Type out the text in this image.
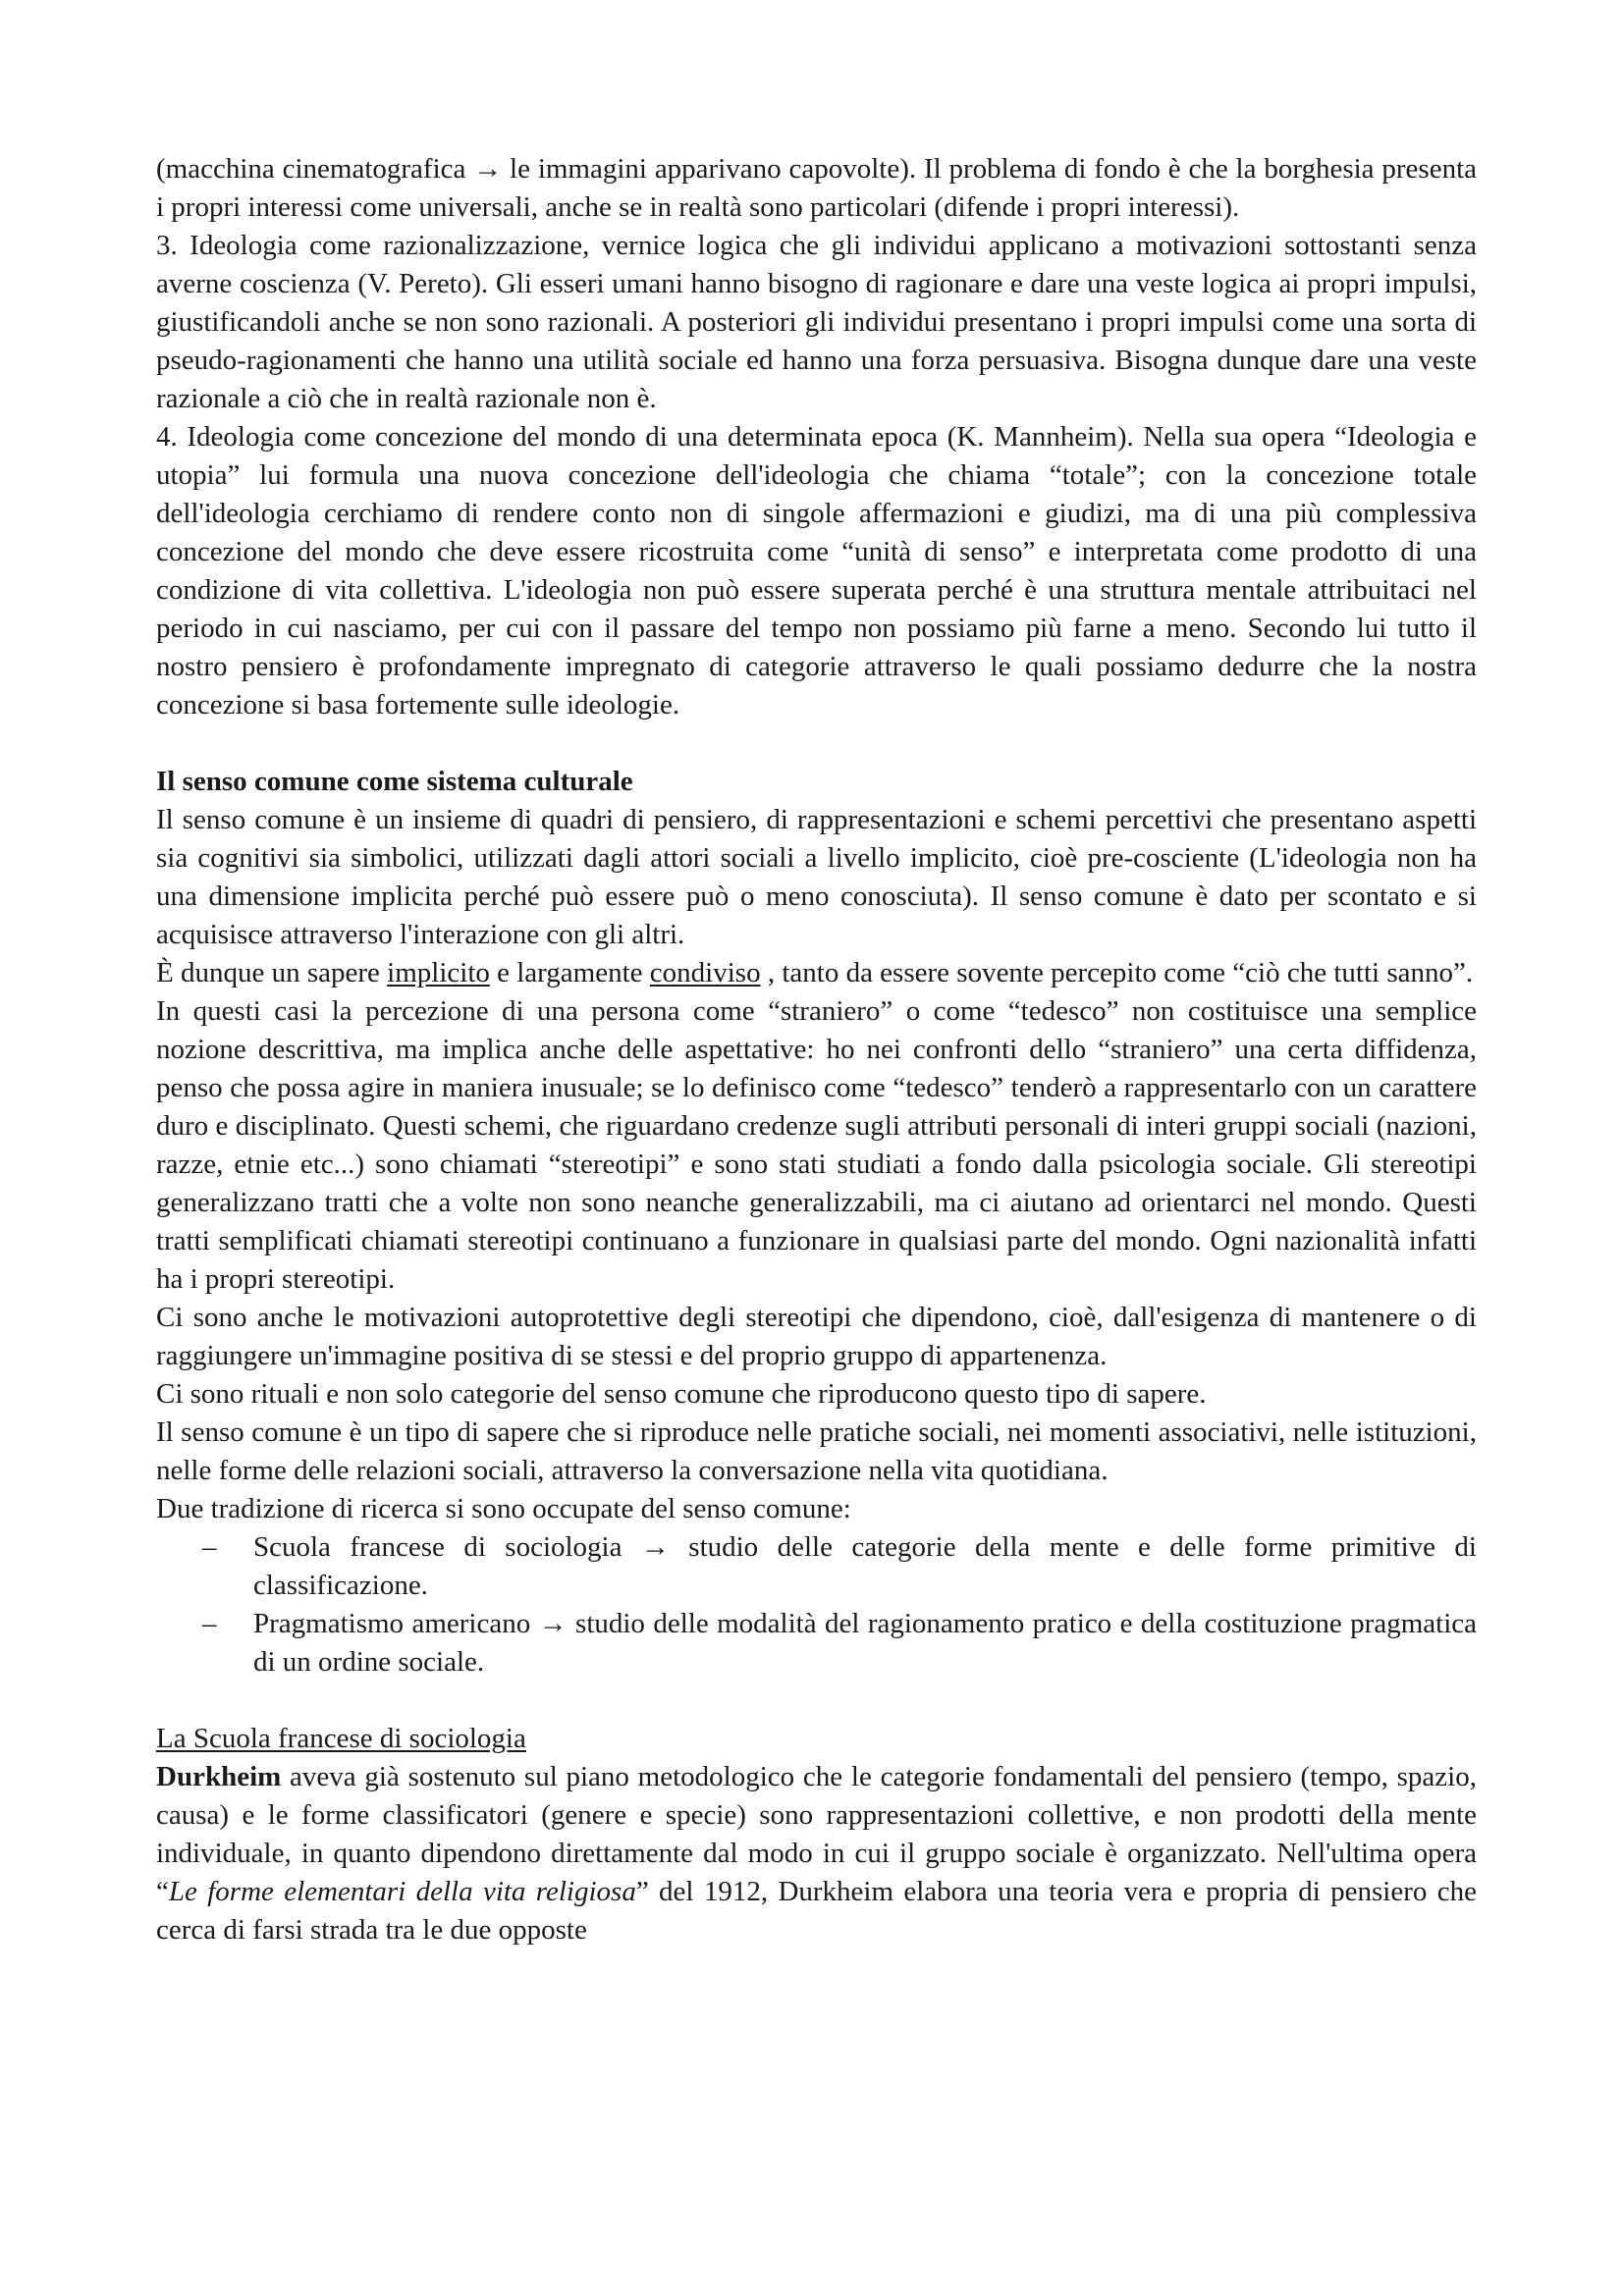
(macchina cinematografica → le immagini apparivano capovolte). Il problema di fondo è che la borghesia presenta i propri interessi come universali, anche se in realtà sono particolari (difende i propri interessi).

3. Ideologia come razionalizzazione, vernice logica che gli individui applicano a motivazioni sottostanti senza averne coscienza (V. Pereto). Gli esseri umani hanno bisogno di ragionare e dare una veste logica ai propri impulsi, giustificandoli anche se non sono razionali. A posteriori gli individui presentano i propri impulsi come una sorta di pseudo-ragionamenti che hanno una utilità sociale ed hanno una forza persuasiva. Bisogna dunque dare una veste razionale a ciò che in realtà razionale non è.

4. Ideologia come concezione del mondo di una determinata epoca (K. Mannheim). Nella sua opera “Ideologia e utopia” lui formula una nuova concezione dell'ideologia che chiama “totale”; con la concezione totale dell'ideologia cerchiamo di rendere conto non di singole affermazioni e giudizi, ma di una più complessiva concezione del mondo che deve essere ricostruita come “unità di senso” e interpretata come prodotto di una condizione di vita collettiva. L'ideologia non può essere superata perché è una struttura mentale attribuitaci nel periodo in cui nasciamo, per cui con il passare del tempo non possiamo più farne a meno. Secondo lui tutto il nostro pensiero è profondamente impregnato di categorie attraverso le quali possiamo dedurre che la nostra concezione si basa fortemente sulle ideologie.

Il senso comune come sistema culturale

Il senso comune è un insieme di quadri di pensiero, di rappresentazioni e schemi percettivi che presentano aspetti sia cognitivi sia simbolici, utilizzati dagli attori sociali a livello implicito, cioè pre-cosciente (L'ideologia non ha una dimensione implicita perché può essere può o meno conosciuta). Il senso comune è dato per scontato e si acquisisce attraverso l'interazione con gli altri.

È dunque un sapere implicito e largamente condiviso , tanto da essere sovente percepito come “ciò che tutti sanno”.

In questi casi la percezione di una persona come “straniero” o come “tedesco” non costituisce una semplice nozione descrittiva, ma implica anche delle aspettative: ho nei confronti dello “straniero” una certa diffidenza, penso che possa agire in maniera inusuale; se lo definisco come “tedesco” tenderò a rappresentarlo con un carattere duro e disciplinato. Questi schemi, che riguardano credenze sugli attributi personali di interi gruppi sociali (nazioni, razze, etnie etc...) sono chiamati “stereotipi” e sono stati studiati a fondo dalla psicologia sociale. Gli stereotipi generalizzano tratti che a volte non sono neanche generalizzabili, ma ci aiutano ad orientarci nel mondo. Questi tratti semplificati chiamati stereotipi continuano a funzionare in qualsiasi parte del mondo. Ogni nazionalità infatti ha i propri stereotipi.

Ci sono anche le motivazioni autoprotettive degli stereotipi che dipendono, cioè, dall'esigenza di mantenere o di raggiungere un'immagine positiva di se stessi e del proprio gruppo di appartenenza.

Ci sono rituali e non solo categorie del senso comune che riproducono questo tipo di sapere.

Il senso comune è un tipo di sapere che si riproduce nelle pratiche sociali, nei momenti associativi, nelle istituzioni, nelle forme delle relazioni sociali, attraverso la conversazione nella vita quotidiana.

Due tradizione di ricerca si sono occupate del senso comune:

– Scuola francese di sociologia → studio delle categorie della mente e delle forme primitive di classificazione.
– Pragmatismo americano → studio delle modalità del ragionamento pratico e della costituzione pragmatica di un ordine sociale.

La Scuola francese di sociologia

Durkheim aveva già sostenuto sul piano metodologico che le categorie fondamentali del pensiero (tempo, spazio, causa) e le forme classificatori (genere e specie) sono rappresentazioni collettive, e non prodotti della mente individuale, in quanto dipendono direttamente dal modo in cui il gruppo sociale è organizzato. Nell'ultima opera “Le forme elementari della vita religiosa” del 1912, Durkheim elabora una teoria vera e propria di pensiero che cerca di farsi strada tra le due opposte
